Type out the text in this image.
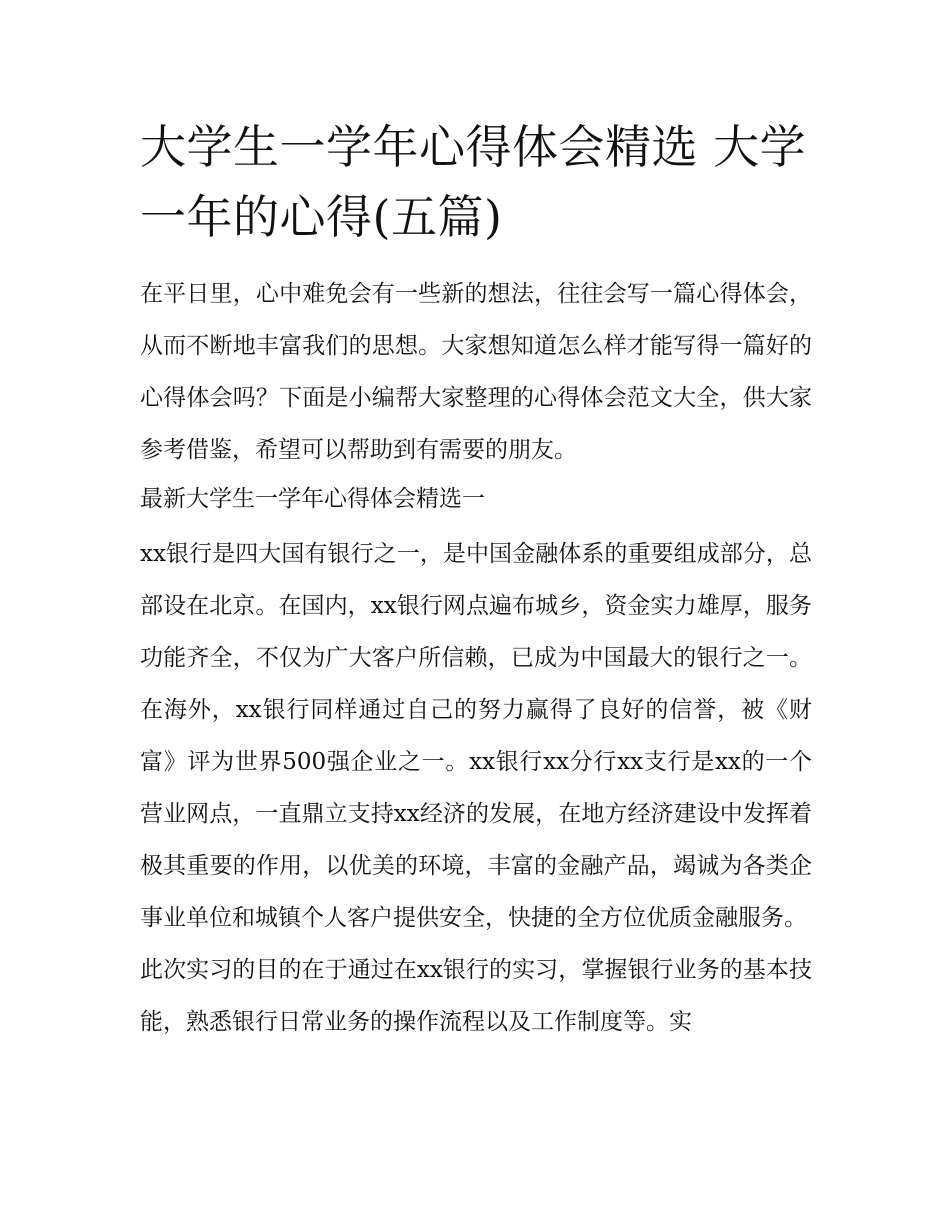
大学生一学年心得体会精选 大学一年的心得(五篇)

在平日里，心中难免会有一些新的想法，往往会写一篇心得体会，从而不断地丰富我们的思想。大家想知道怎么样才能写得一篇好的心得体会吗？下面是小编帮大家整理的心得体会范文大全，供大家参考借鉴，希望可以帮助到有需要的朋友。

最新大学生一学年心得体会精选一

xx银行是四大国有银行之一，是中国金融体系的重要组成部分，总部设在北京。在国内，xx银行网点遍布城乡，资金实力雄厚，服务功能齐全，不仅为广大客户所信赖，已成为中国最大的银行之一。在海外，xx银行同样通过自己的努力赢得了良好的信誉，被《财富》评为世界500强企业之一。xx银行xx分行xx支行是xx的一个营业网点，一直鼎立支持xx经济的发展，在地方经济建设中发挥着极其重要的作用，以优美的环境，丰富的金融产品，竭诚为各类企事业单位和城镇个人客户提供安全，快捷的全方位优质金融服务。

此次实习的目的在于通过在xx银行的实习，掌握银行业务的基本技能，熟悉银行日常业务的操作流程以及工作制度等。实
